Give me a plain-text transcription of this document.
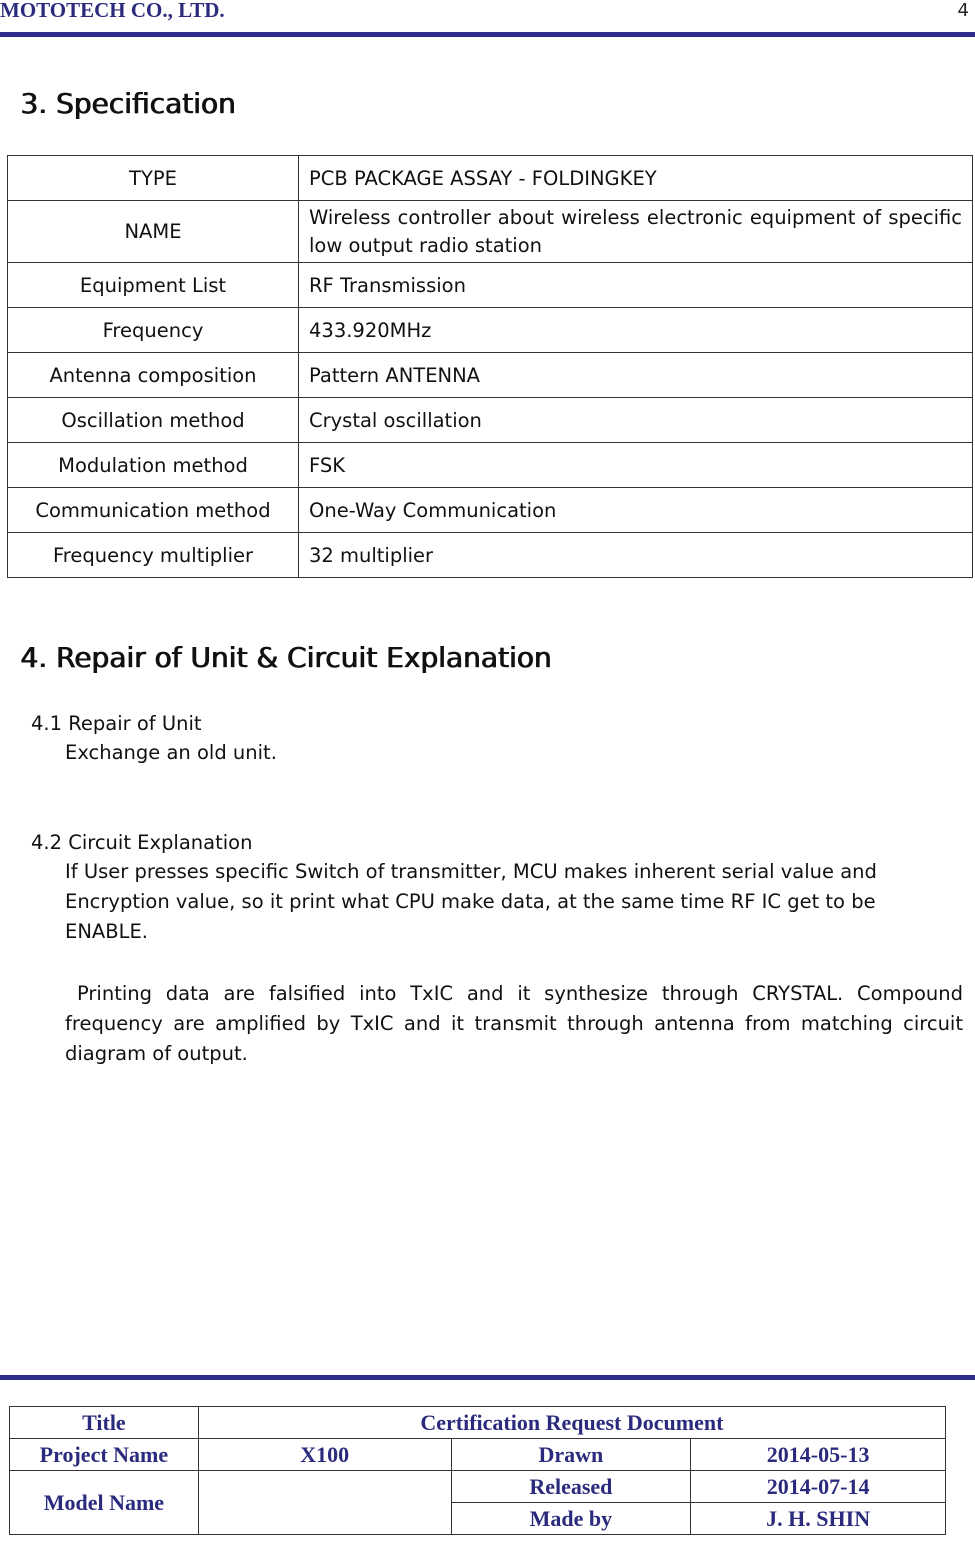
MOTOTECH CO., LTD.	4
3. Specification
TYPE	PCB PACKAGE ASSAY - FOLDINGKEY
NAME	Wireless controller about wireless electronic equipment of specific low output radio station
Equipment List	RF Transmission
Frequency	433.920MHz
Antenna composition	Pattern ANTENNA
Oscillation method	Crystal oscillation
Modulation method	FSK
Communication method	One-Way Communication
Frequency multiplier	32 multiplier
4. Repair of Unit & Circuit Explanation
4.1 Repair of Unit
Exchange an old unit.
4.2 Circuit Explanation
If User presses specific Switch of transmitter, MCU makes inherent serial value and Encryption value, so it print what CPU make data, at the same time RF IC get to be ENABLE.
Printing data are falsified into TxIC and it synthesize through CRYSTAL. Compound frequency are amplified by TxIC and it transmit through antenna from matching circuit diagram of output.
Title	Certification Request Document		
Project Name	X100	Drawn	2014-05-13
Model Name		Released	2014-07-14
		Made by	J. H. SHIN
